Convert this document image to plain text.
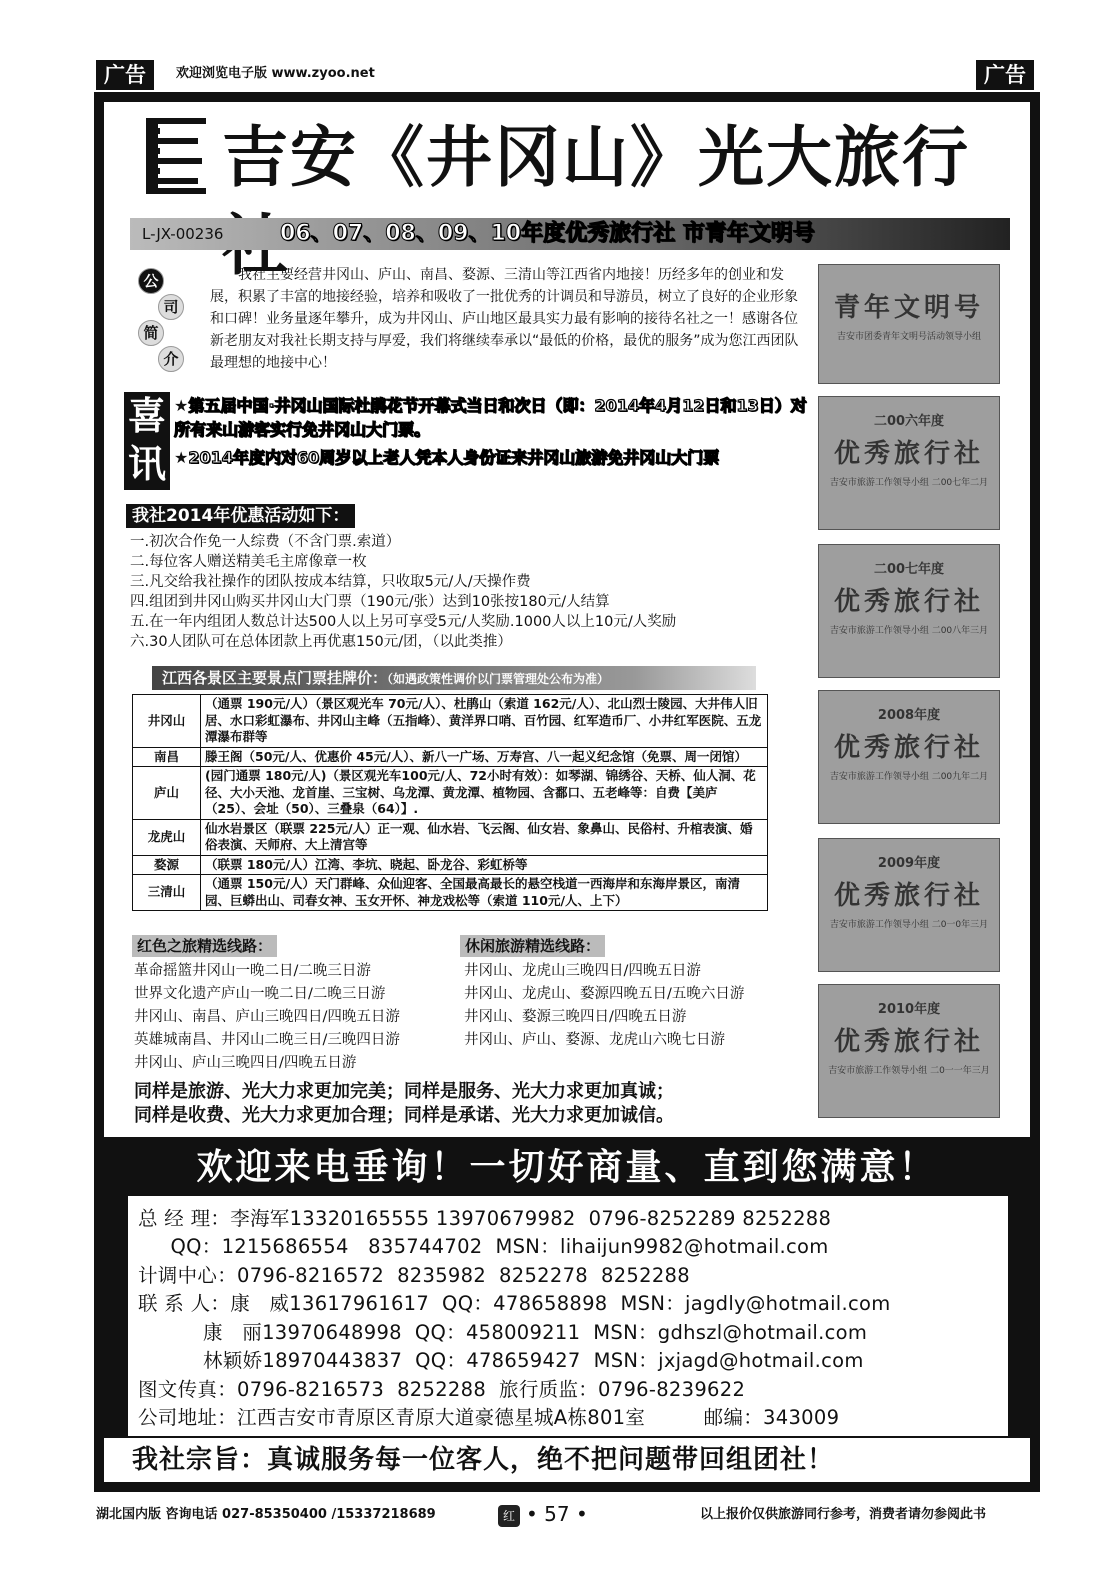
广告	欢迎浏览电子版 www.zyoo.net	广告
吉安《井冈山》光大旅行
L-JX-00236	06、07、08、09、10年度优秀旅行社 市青年文明号
公
司
简
介
我社主要经营井冈山、庐山、南昌、婺源、三清山等江西省内地接！历经多年的创业和发展，积累了丰富的地接经验，培养和吸收了一批优秀的计调员和导游员，树立了良好的企业形象和口碑！业务量逐年攀升，成为井冈山、庐山地区最具实力最有影响的接待名社之一！感谢各位新老朋友对我社长期支持与厚爱，我们将继续奉承以“最低的价格，最优的服务”成为您江西团队最理想的地接中心！
喜
讯
★第五届中国·井冈山国际杜鹃花节开幕式当日和次日（即：2014年4月12日和13日）对所有来山游客实行免井冈山大门票。
★2014年度内对60周岁以上老人凭本人身份证来井冈山旅游免井冈山大门票
我社2014年优惠活动如下：
一.初次合作免一人综费（不含门票.索道）
二.每位客人赠送精美毛主席像章一枚
三.凡交给我社操作的团队按成本结算，只收取5元/人/天操作费
四.组团到井冈山购买井冈山大门票（190元/张）达到10张按180元/人结算
五.在一年内组团人数总计达500人以上另可享受5元/人奖励.1000人以上10元/人奖励
六.30人团队可在总体团款上再优惠150元/团，（以此类推）
江西各景区主要景点门票挂牌价：（如遇政策性调价以门票管理处公布为准）
井冈山	（通票 190元/人）（景区观光车 70元/人）、杜鹃山（索道 162元/人）、北山烈士陵园、大井伟人旧居、水口彩虹瀑布、井冈山主峰（五指峰）、黄洋界口哨、百竹园、红军造币厂、小井红军医院、五龙潭瀑布群等
南昌	滕王阁（50元/人、优惠价 45元/人）、新八一广场、万寿宫、八一起义纪念馆（免票、周一闭馆）
庐山	(园门通票 180元/人)（景区观光车100元/人、72小时有效）：如琴湖、锦绣谷、天桥、仙人洞、花径、大小天池、龙首崖、三宝树、乌龙潭、黄龙潭、植物园、含鄱口、五老峰等：自费【美庐（25）、会址（50）、三叠泉（64）】.
龙虎山	仙水岩景区（联票 225元/人）正一观、仙水岩、飞云阁、仙女岩、象鼻山、民俗村、升棺表演、婚俗表演、天师府、大上清宫等
婺源	（联票 180元/人）江湾、李坑、晓起、卧龙谷、彩虹桥等
三清山	（通票 150元/人）天门群峰、众仙迎客、全国最高最长的悬空栈道一西海岸和东海岸景区，南清园、巨蟒出山、司春女神、玉女开怀、神龙戏松等（索道 110元/人、上下）
红色之旅精选线路：
革命摇篮井冈山一晚二日/二晚三日游
世界文化遗产庐山一晚二日/二晚三日游
井冈山、南昌、庐山三晚四日/四晚五日游
英雄城南昌、井冈山二晚三日/三晚四日游
井冈山、庐山三晚四日/四晚五日游
休闲旅游精选线路：
井冈山、龙虎山三晚四日/四晚五日游
井冈山、龙虎山、婺源四晚五日/五晚六日游
井冈山、婺源三晚四日/四晚五日游
井冈山、庐山、婺源、龙虎山六晚七日游
同样是旅游、光大力求更加完美；同样是服务、光大力求更加真诚；
同样是收费、光大力求更加合理；同样是承诺、光大力求更加诚信。
青年文明号
吉安市团委青年文明号活动领导小组
二00六年度
优秀旅行社
吉安市旅游工作领导小组 二00七年二月
二00七年度
优秀旅行社
吉安市旅游工作领导小组 二00八年三月
2008年度
优秀旅行社
吉安市旅游工作领导小组 二00九年二月
2009年度
优秀旅行社
吉安市旅游工作领导小组 二0一0年三月
2010年度
优秀旅行社
吉安市旅游工作领导小组 二0一一年三月
欢迎来电垂询！一切好商量、直到您满意！
总 经 理：李海军13320165555 13970679982  0796-8252289 8252288
QQ：1215686554   835744702  MSN：lihaijun9982@hotmail.com
计调中心：0796-8216572  8235982  8252278  8252288
联 系 人：康   威13617961617  QQ：478658898  MSN：jagdly@hotmail.com
康   丽13970648998  QQ：458009211  MSN：gdhszl@hotmail.com
林颖娇18970443837  QQ：478659427  MSN：jxjagd@hotmail.com
图文传真：0796-8216573  8252288  旅行质监：0796-8239622
公司地址：江西吉安市青原区青原大道豪德星城A栋801室         邮编：343009
我社宗旨：真诚服务每一位客人，绝不把问题带回组团社！
湖北国内版 咨询电话 027-85350400 /15337218689	红 • 57 •	以上报价仅供旅游同行参考，消费者请勿参阅此书
